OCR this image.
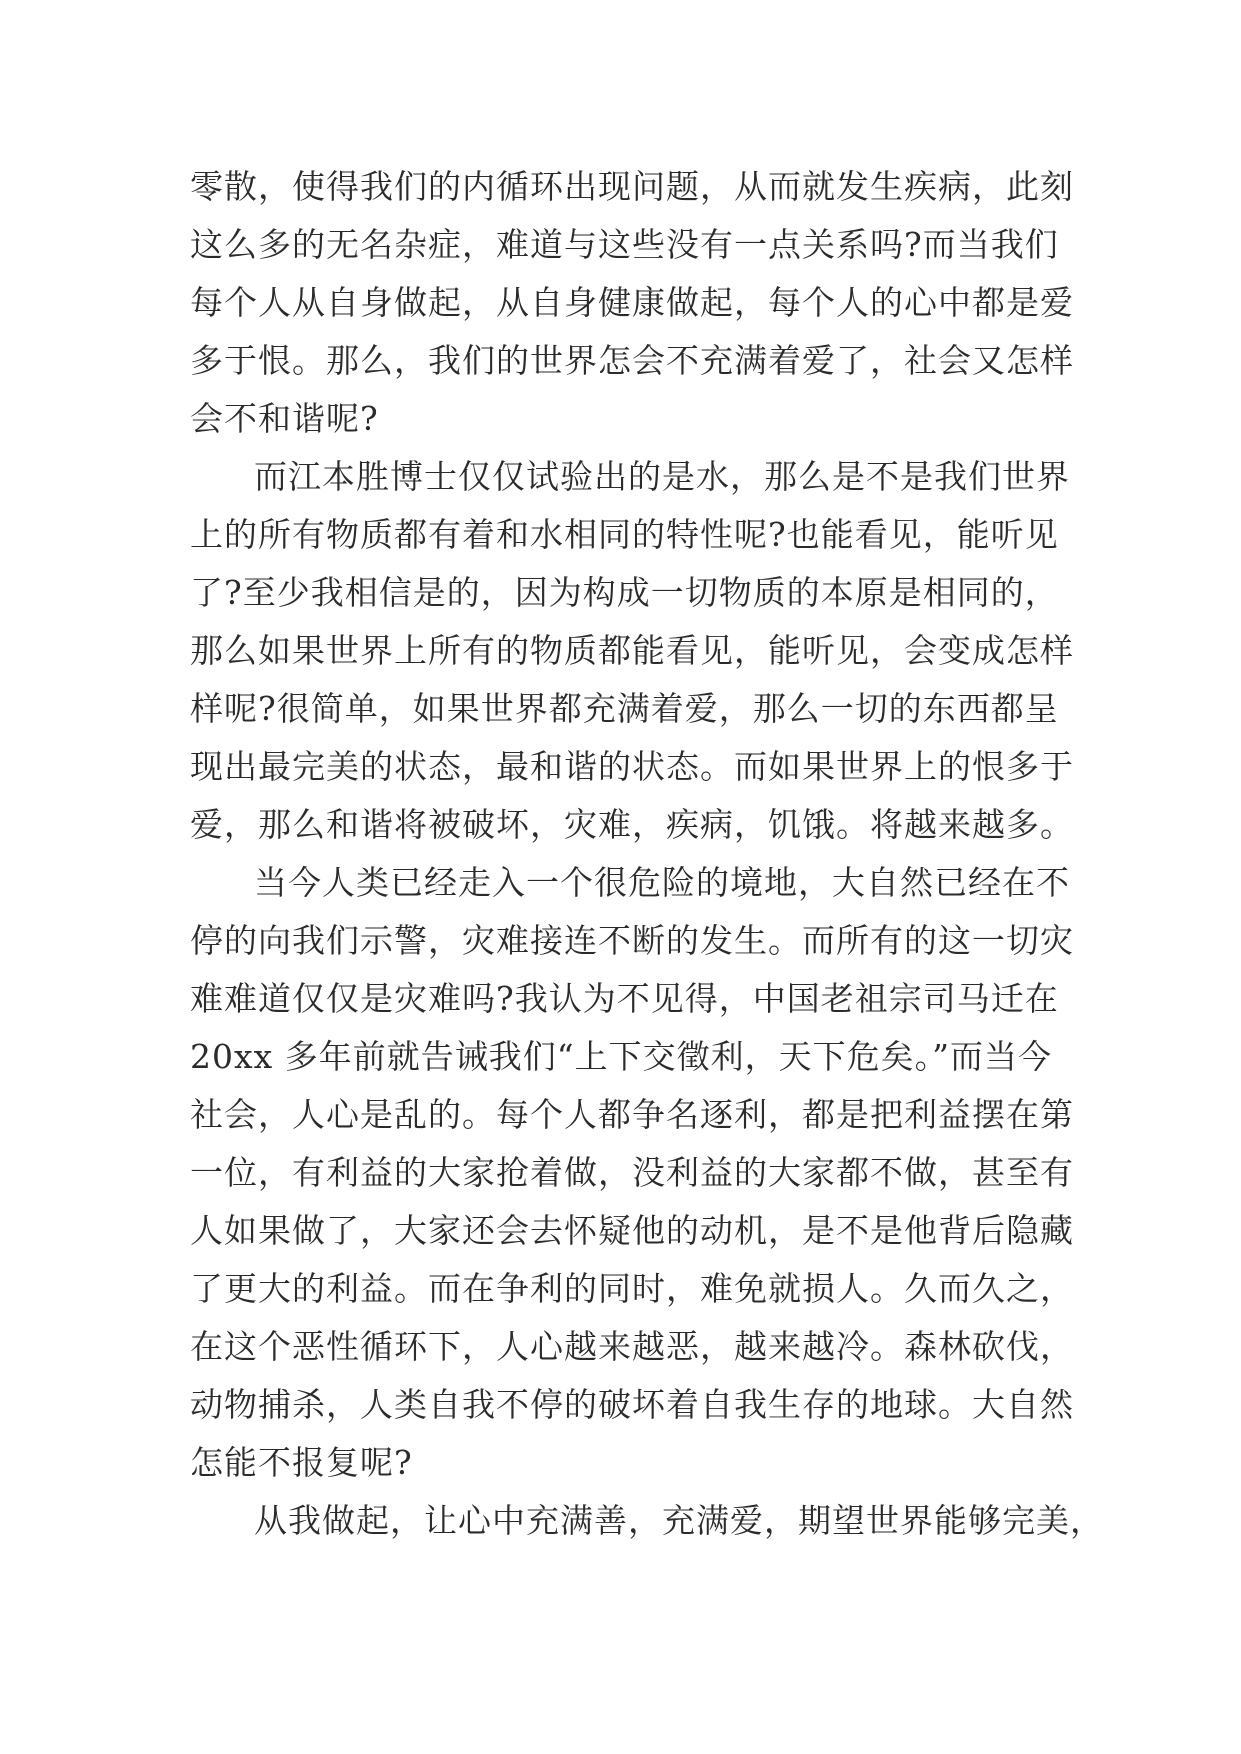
零散，使得我们的内循环出现问题，从而就发生疾病，此刻
这么多的无名杂症，难道与这些没有一点关系吗?而当我们
每个人从自身做起，从自身健康做起，每个人的心中都是爱
多于恨。那么，我们的世界怎会不充满着爱了，社会又怎样
会不和谐呢?
而江本胜博士仅仅试验出的是水，那么是不是我们世界
上的所有物质都有着和水相同的特性呢?也能看见，能听见
了?至少我相信是的，因为构成一切物质的本原是相同的，
那么如果世界上所有的物质都能看见，能听见，会变成怎样
样呢?很简单，如果世界都充满着爱，那么一切的东西都呈
现出最完美的状态，最和谐的状态。而如果世界上的恨多于
爱，那么和谐将被破坏，灾难，疾病，饥饿。将越来越多。
当今人类已经走入一个很危险的境地，大自然已经在不
停的向我们示警，灾难接连不断的发生。而所有的这一切灾
难难道仅仅是灾难吗?我认为不见得，中国老祖宗司马迁在
20xx 多年前就告诫我们“上下交徵利，天下危矣。”而当今
社会，人心是乱的。每个人都争名逐利，都是把利益摆在第
一位，有利益的大家抢着做，没利益的大家都不做，甚至有
人如果做了，大家还会去怀疑他的动机，是不是他背后隐藏
了更大的利益。而在争利的同时，难免就损人。久而久之，
在这个恶性循环下，人心越来越恶，越来越冷。森林砍伐，
动物捕杀，人类自我不停的破坏着自我生存的地球。大自然
怎能不报复呢?
从我做起，让心中充满善，充满爱，期望世界能够完美，
